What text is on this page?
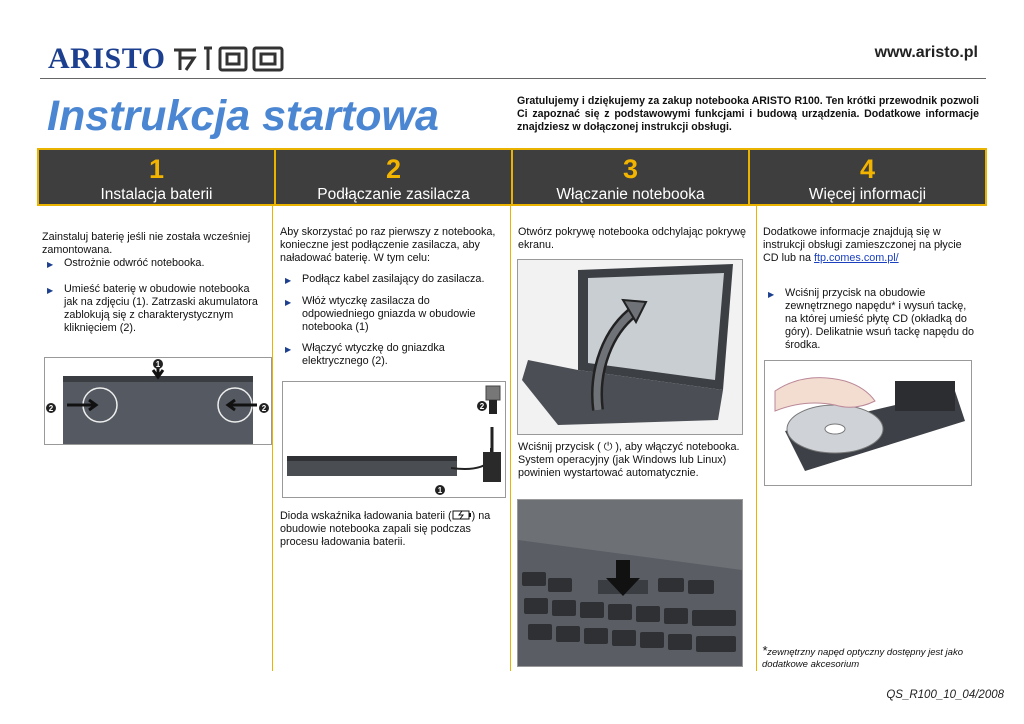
ARISTO	www.aristo.pl
Instrukcja startowa	Gratulujemy i dziękujemy za zakup notebooka ARISTO R100. Ten krótki przewodnik pozwoli Ci zapoznać się z podstawowymi funkcjami i budową urządzenia. Dodatkowe informacje znajdziesz w dołączonej instrukcji obsługi.
1
Instalacja baterii
2
Podłączanie zasilacza
3
Włączanie notebooka
4
Więcej informacji

Zainstaluj baterię jeśli nie została wcześniej zamontowana.

▶	Ostrożnie odwróć notebooka.
▶	Umieść baterię w obudowie notebooka jak na zdjęciu (1). Zatrzaski akumulatora zablokują się z charakterystycznym kliknięciem (2).
1
2	2

Aby skorzystać po raz pierwszy z notebooka, konieczne jest podłączenie zasilacza, aby naładować baterię. W tym celu:

▶	Podłącz kabel zasilający do zasilacza.
▶	Włóż wtyczkę zasilacza do odpowiedniego gniazda w obudowie notebooka (1)
▶	Włączyć wtyczkę do gniazdka elektrycznego (2).
1
2
Dioda wskaźnika ładowania baterii ( ) na obudowie notebooka zapali się podczas procesu ładowania baterii.

Otwórz pokrywę notebooka odchylając pokrywę ekranu.

Wciśnij przycisk ( ⏻ ), aby włączyć notebooka. System operacyjny (jak Windows lub Linux) powinien wystartować automatycznie.

Dodatkowe informacje znajdują się w instrukcji obsługi zamieszczonej na płycie CD lub na ftp.comes.com.pl/

▶	Wciśnij przycisk na obudowie zewnętrznego napędu* i wysuń tackę, na której umieść płytę CD (okładką do góry). Delikatnie wsuń tackę napędu do środka.
*zewnętrzny napęd optyczny dostępny jest jako dodatkowe akcesorium
QS_R100_10_04/2008
